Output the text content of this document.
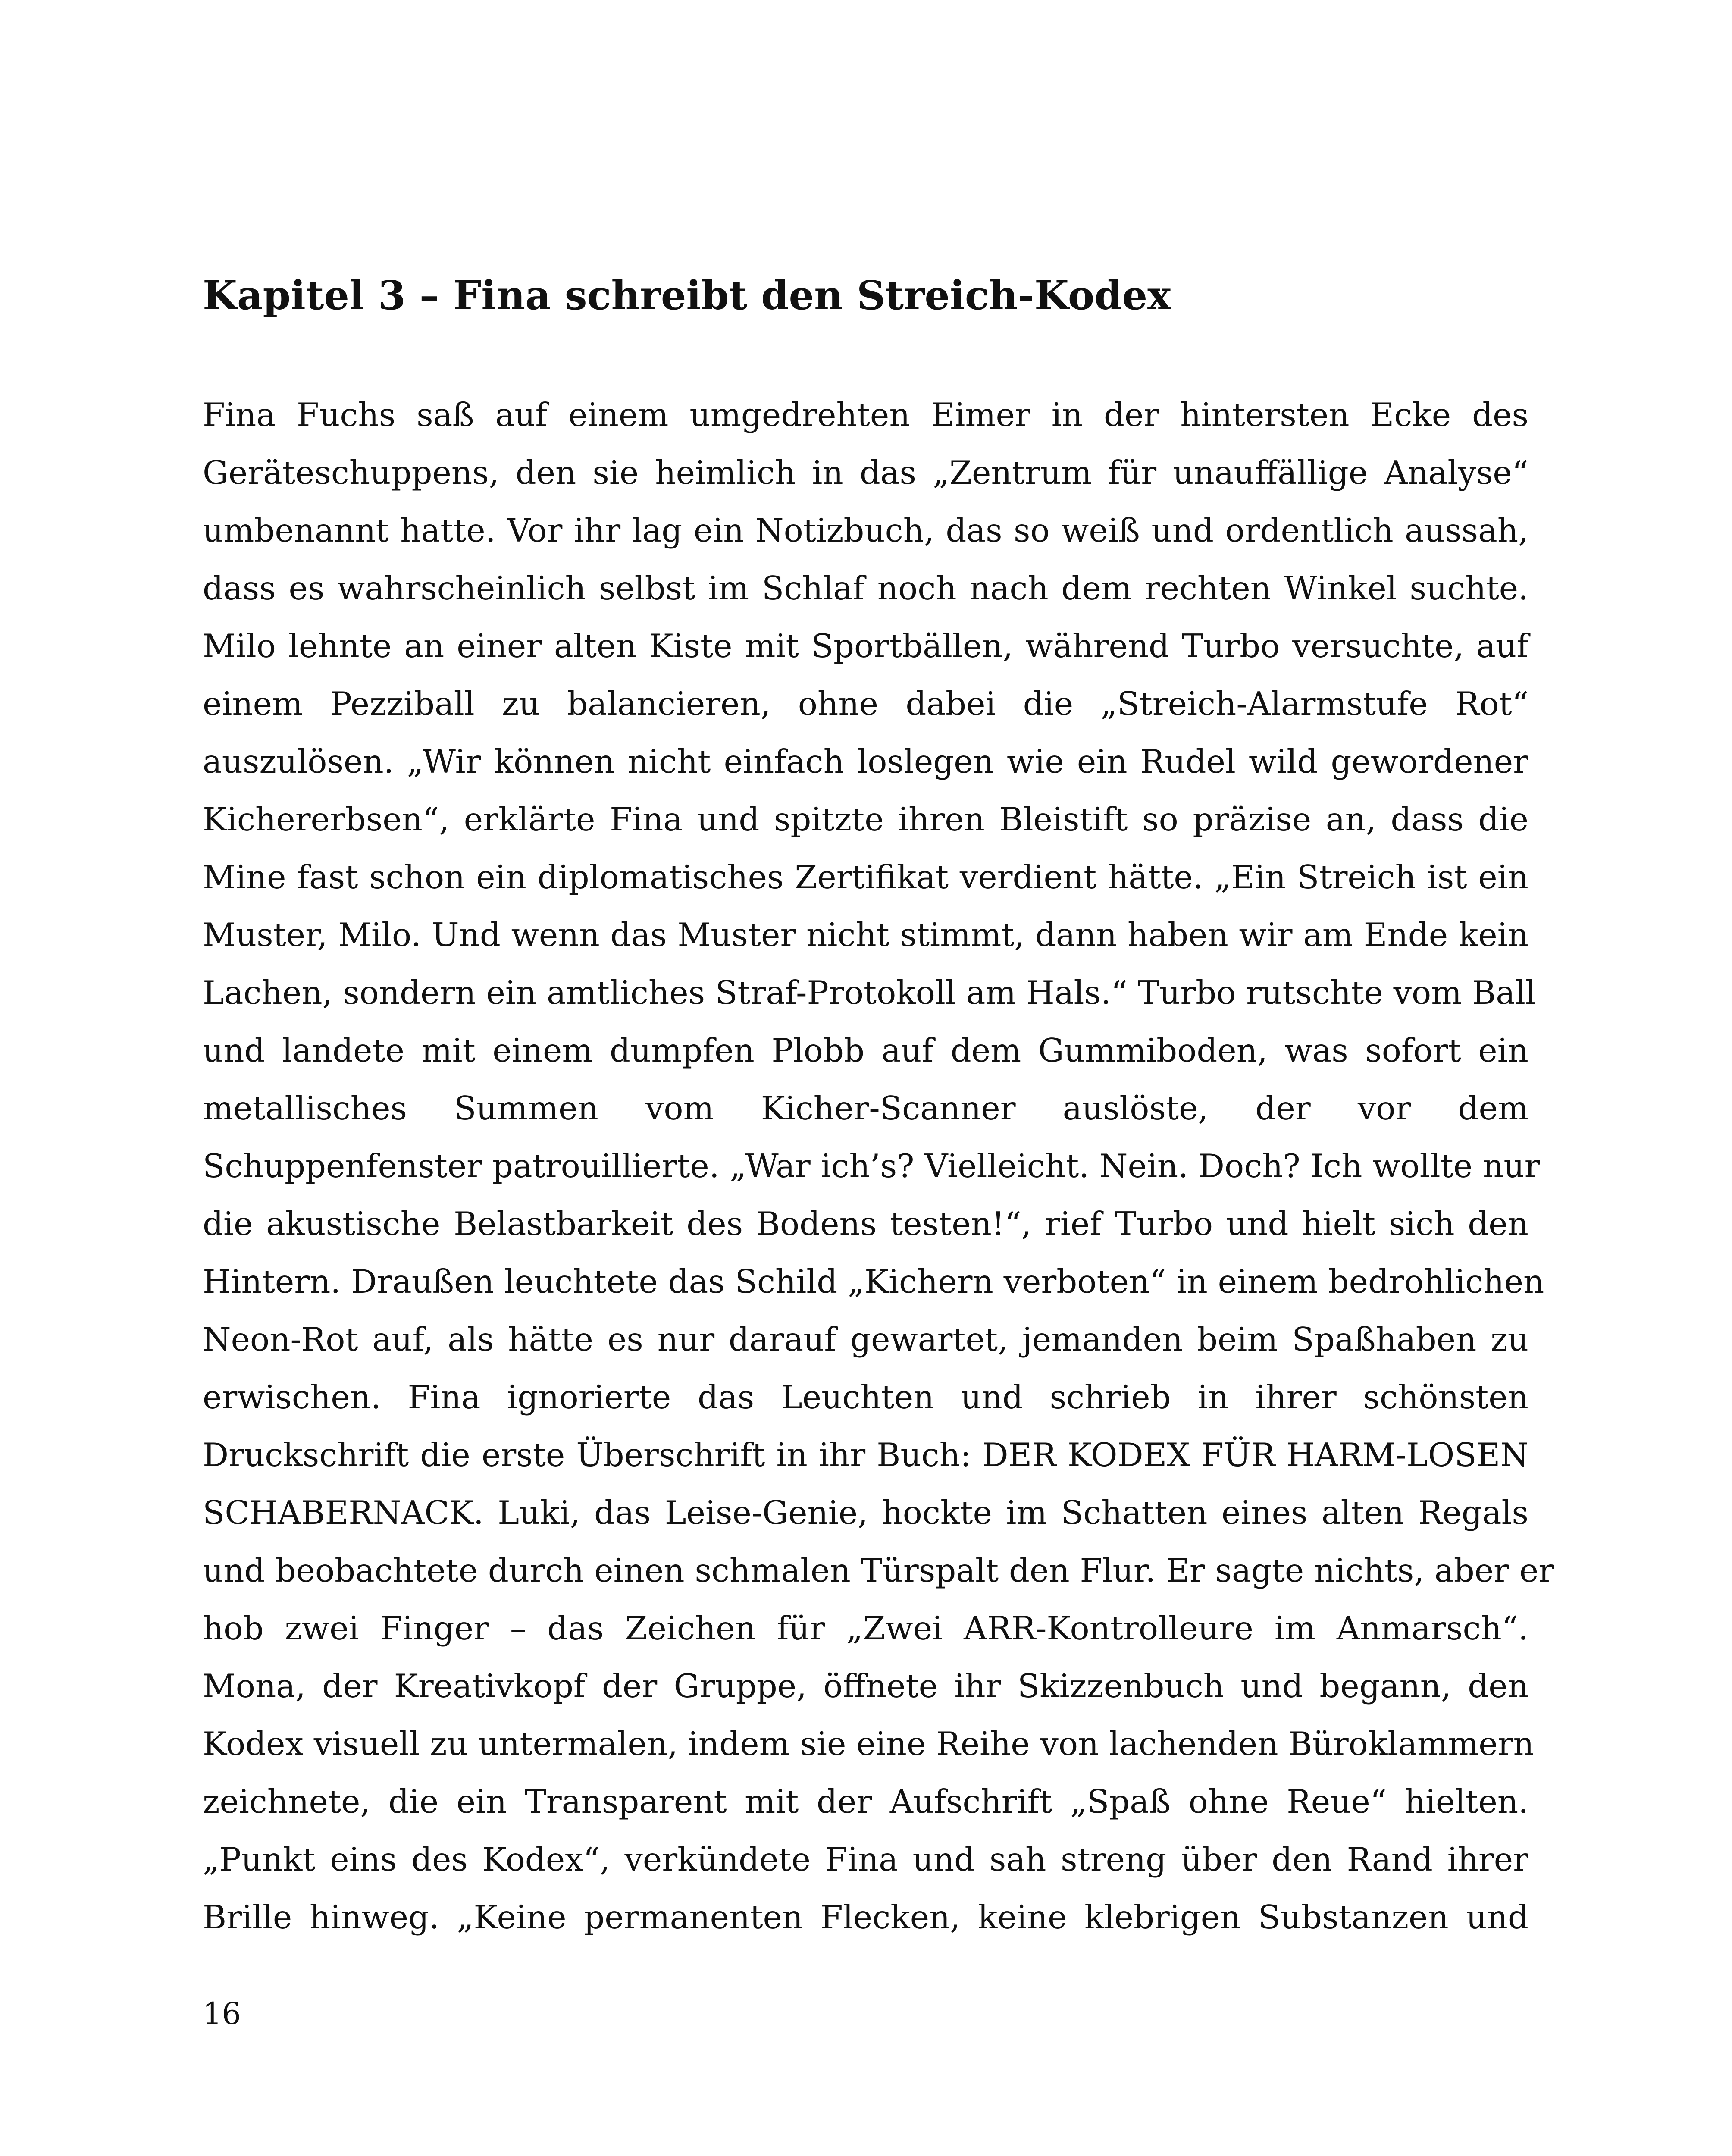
Kapitel 3 – Fina schreibt den Streich-Kodex
Fina Fuchs saß auf einem umgedrehten Eimer in der hintersten Ecke des
Geräteschuppens, den sie heimlich in das „Zentrum für unauffällige Analyse“
umbenannt hatte. Vor ihr lag ein Notizbuch, das so weiß und ordentlich aussah,
dass es wahrscheinlich selbst im Schlaf noch nach dem rechten Winkel suchte.
Milo lehnte an einer alten Kiste mit Sportbällen, während Turbo versuchte, auf
einem Pezziball zu balancieren, ohne dabei die „Streich-Alarmstufe Rot“
auszulösen. „Wir können nicht einfach loslegen wie ein Rudel wild gewordener
Kichererbsen“, erklärte Fina und spitzte ihren Bleistift so präzise an, dass die
Mine fast schon ein diplomatisches Zertifikat verdient hätte. „Ein Streich ist ein
Muster, Milo. Und wenn das Muster nicht stimmt, dann haben wir am Ende kein
Lachen, sondern ein amtliches Straf-Protokoll am Hals.“ Turbo rutschte vom Ball
und landete mit einem dumpfen Plobb auf dem Gummiboden, was sofort ein
metallisches Summen vom Kicher-Scanner auslöste, der vor dem
Schuppenfenster patrouillierte. „War ich’s? Vielleicht. Nein. Doch? Ich wollte nur
die akustische Belastbarkeit des Bodens testen!“, rief Turbo und hielt sich den
Hintern. Draußen leuchtete das Schild „Kichern verboten“ in einem bedrohlichen
Neon-Rot auf, als hätte es nur darauf gewartet, jemanden beim Spaßhaben zu
erwischen. Fina ignorierte das Leuchten und schrieb in ihrer schönsten
Druckschrift die erste Überschrift in ihr Buch: DER KODEX FÜR HARM-LOSEN
SCHABERNACK. Luki, das Leise-Genie, hockte im Schatten eines alten Regals
und beobachtete durch einen schmalen Türspalt den Flur. Er sagte nichts, aber er
hob zwei Finger – das Zeichen für „Zwei ARR-Kontrolleure im Anmarsch“.
Mona, der Kreativkopf der Gruppe, öffnete ihr Skizzenbuch und begann, den
Kodex visuell zu untermalen, indem sie eine Reihe von lachenden Büroklammern
zeichnete, die ein Transparent mit der Aufschrift „Spaß ohne Reue“ hielten.
„Punkt eins des Kodex“, verkündete Fina und sah streng über den Rand ihrer
Brille hinweg. „Keine permanenten Flecken, keine klebrigen Substanzen und
16
